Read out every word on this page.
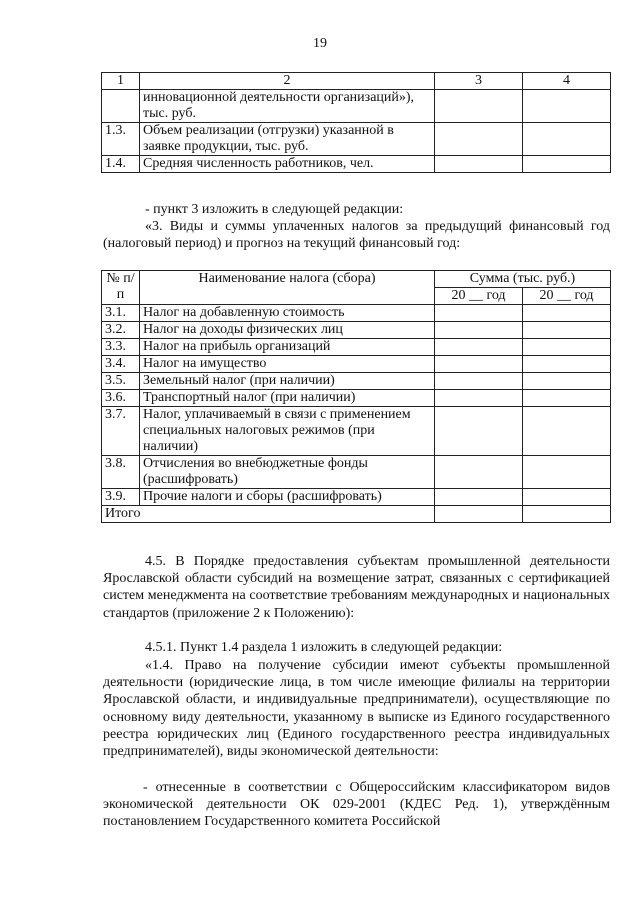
19
1	2	3	4
	инновационной деятельности организаций»), тыс. руб.		
1.3.	Объем реализации (отгрузки) указанной в заявке продукции, тыс. руб.		
1.4.	Средняя численность работников, чел.		
- пункт 3 изложить в следующей редакции:
«3. Виды и суммы уплаченных налогов за предыдущий финансовый год (налоговый период) и прогноз на текущий финансовый год:
№ п/п	Наименование налога (сбора)	Сумма (тыс. руб.)	
		20 __ год	20 __ год
3.1.	Налог на добавленную стоимость		
3.2.	Налог на доходы физических лиц		
3.3.	Налог на прибыль организаций		
3.4.	Налог на имущество		
3.5.	Земельный налог (при наличии)		
3.6.	Транспортный налог (при наличии)		
3.7.	Налог, уплачиваемый в связи с применением специальных налоговых режимов (при наличии)		
3.8.	Отчисления во внебюджетные фонды (расшифровать)		
3.9.	Прочие налоги и сборы (расшифровать)		
Итого			
4.5. В Порядке предоставления субъектам промышленной деятельности Ярославской области субсидий на возмещение затрат, связанных с сертификацией систем менеджмента на соответствие требованиям международных и национальных стандартов (приложение 2 к Положению):
4.5.1. Пункт 1.4 раздела 1 изложить в следующей редакции:
«1.4. Право на получение субсидии имеют субъекты промышленной деятельности (юридические лица, в том числе имеющие филиалы на территории Ярославской области, и индивидуальные предприниматели), осуществляющие по основному виду деятельности, указанному в выписке из Единого государственного реестра юридических лиц (Единого государственного реестра индивидуальных предпринимателей), виды экономической деятельности:
- отнесенные в соответствии с Общероссийским классификатором видов экономической деятельности ОК 029-2001 (КДЕС Ред. 1), утверждённым постановлением Государственного комитета Российской
